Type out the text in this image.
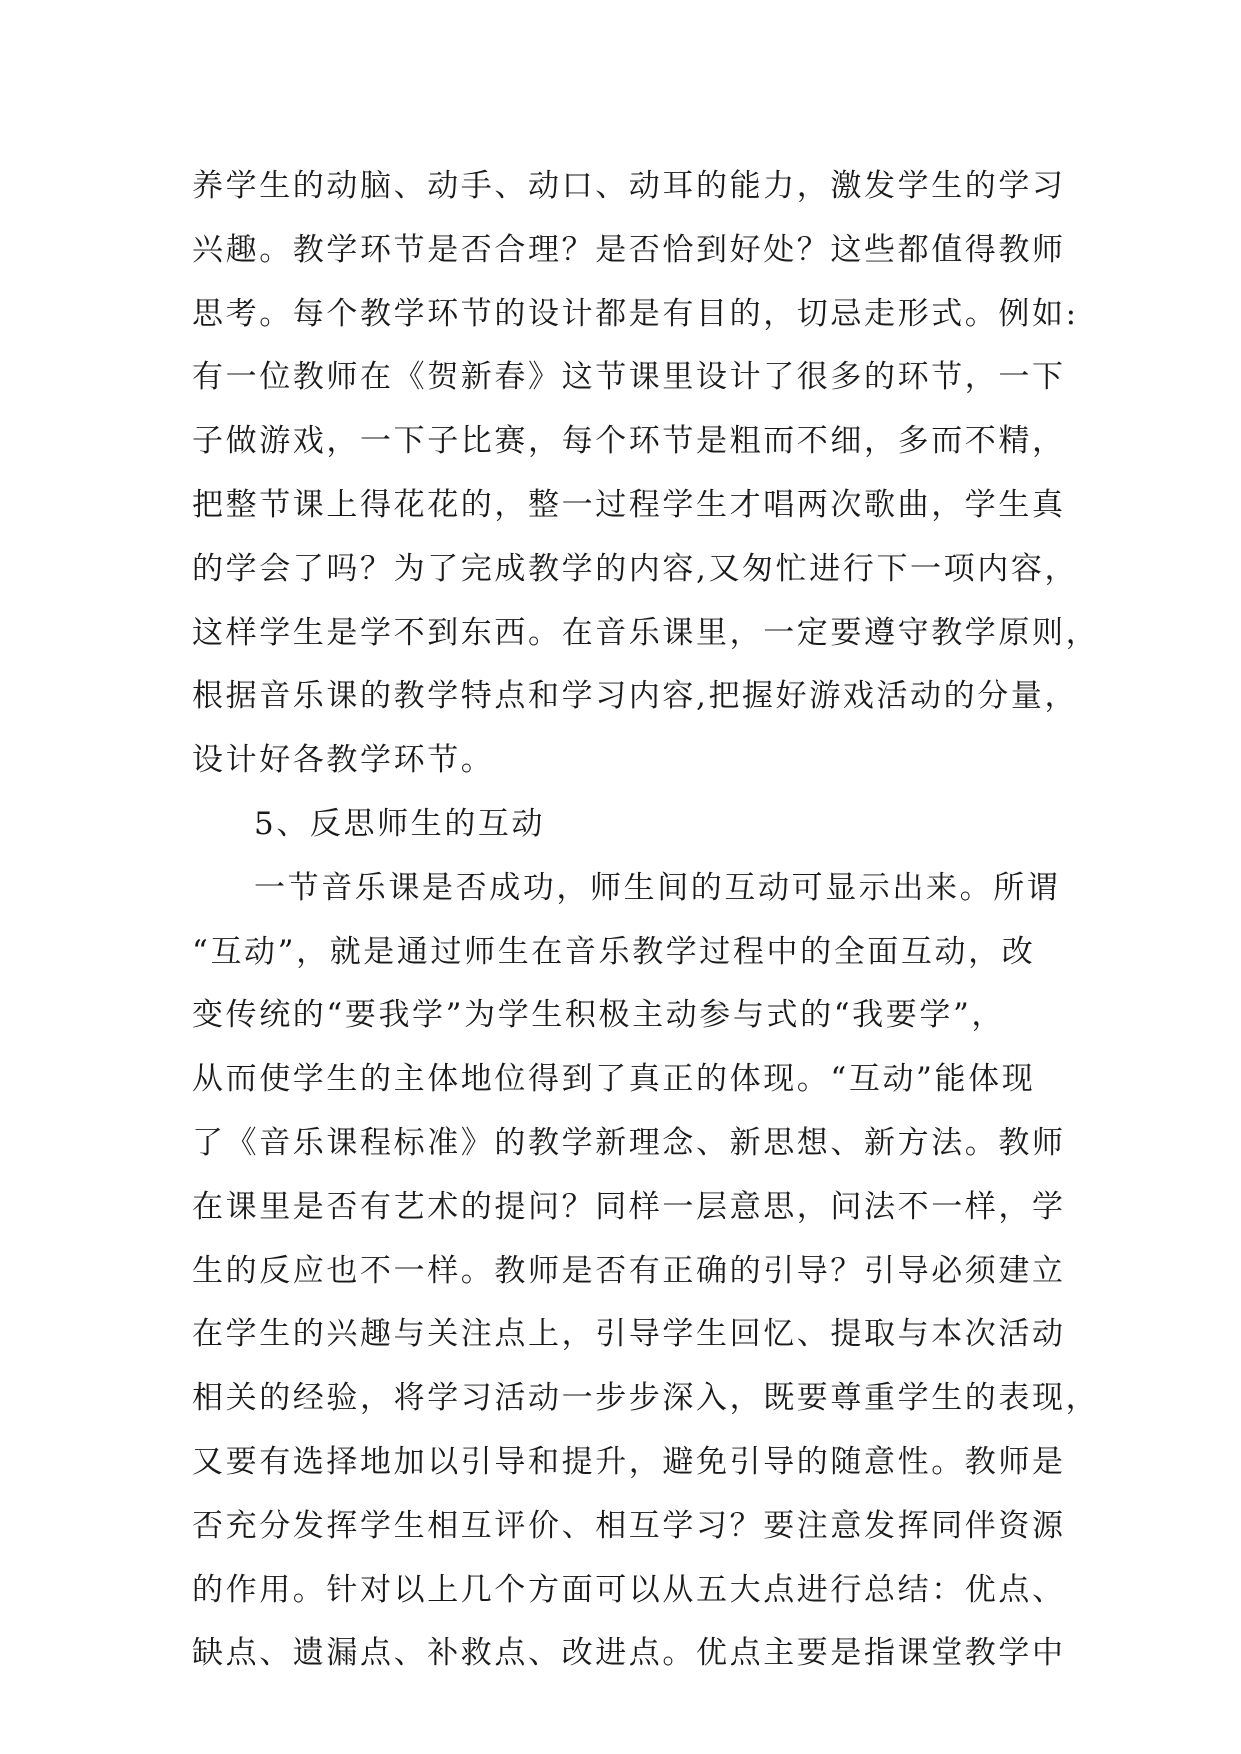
养学生的动脑、动手、动口、动耳的能力，激发学生的学习
兴趣。教学环节是否合理？是否恰到好处？这些都值得教师
思考。每个教学环节的设计都是有目的，切忌走形式。例如:
有一位教师在《贺新春》这节课里设计了很多的环节，一下
子做游戏，一下子比赛，每个环节是粗而不细，多而不精，
把整节课上得花花的，整一过程学生才唱两次歌曲，学生真
的学会了吗？为了完成教学的内容,又匆忙进行下一项内容，
这样学生是学不到东西。在音乐课里，一定要遵守教学原则，
根据音乐课的教学特点和学习内容,把握好游戏活动的分量，
设计好各教学环节。
5、反思师生的互动
一节音乐课是否成功，师生间的互动可显示出来。所谓
“互动”，就是通过师生在音乐教学过程中的全面互动，改
变传统的“要我学”为学生积极主动参与式的“我要学”，
从而使学生的主体地位得到了真正的体现。“互动”能体现
了《音乐课程标准》的教学新理念、新思想、新方法。教师
在课里是否有艺术的提问？同样一层意思，问法不一样，学
生的反应也不一样。教师是否有正确的引导？引导必须建立
在学生的兴趣与关注点上，引导学生回忆、提取与本次活动
相关的经验，将学习活动一步步深入，既要尊重学生的表现，
又要有选择地加以引导和提升，避免引导的随意性。教师是
否充分发挥学生相互评价、相互学习？要注意发挥同伴资源
的作用。针对以上几个方面可以从五大点进行总结：优点、
缺点、遗漏点、补救点、改进点。优点主要是指课堂教学中
